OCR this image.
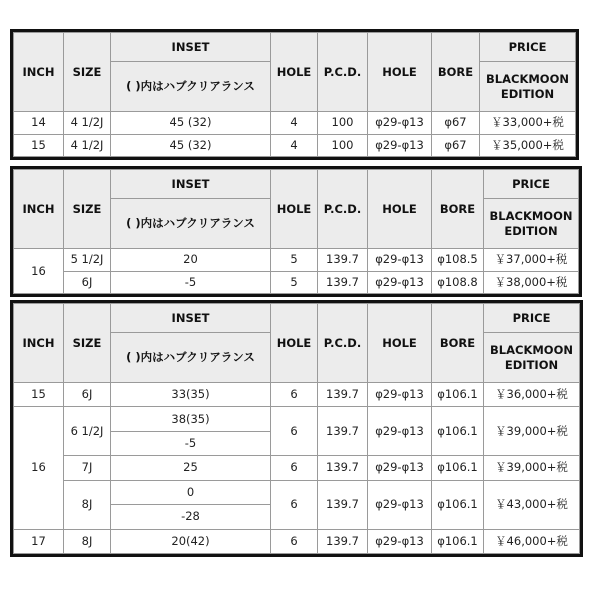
INCH	SIZE	INSET	HOLE	P.C.D.	HOLE	BORE	PRICE
		( )内はハブクリアランス					BLACKMOON EDITION
14	4 1/2J	45 (32)	4	100	φ29-φ13	φ67	￥33,000+税
15	4 1/2J	45 (32)	4	100	φ29-φ13	φ67	￥35,000+税
INCH	SIZE	INSET	HOLE	P.C.D.	HOLE	BORE	PRICE
		( )内はハブクリアランス					BLACKMOON EDITION
16	5 1/2J	20	5	139.7	φ29-φ13	φ108.5	￥37,000+税
	6J	-5	5	139.7	φ29-φ13	φ108.8	￥38,000+税
INCH	SIZE	INSET	HOLE	P.C.D.	HOLE	BORE	PRICE
		( )内はハブクリアランス					BLACKMOON EDITION
15	6J	33(35)	6	139.7	φ29-φ13	φ106.1	￥36,000+税
16	6 1/2J	38(35)	6	139.7	φ29-φ13	φ106.1	￥39,000+税
		-5					
	7J	25	6	139.7	φ29-φ13	φ106.1	￥39,000+税
	8J	0	6	139.7	φ29-φ13	φ106.1	￥43,000+税
		-28					
17	8J	20(42)	6	139.7	φ29-φ13	φ106.1	￥46,000+税
